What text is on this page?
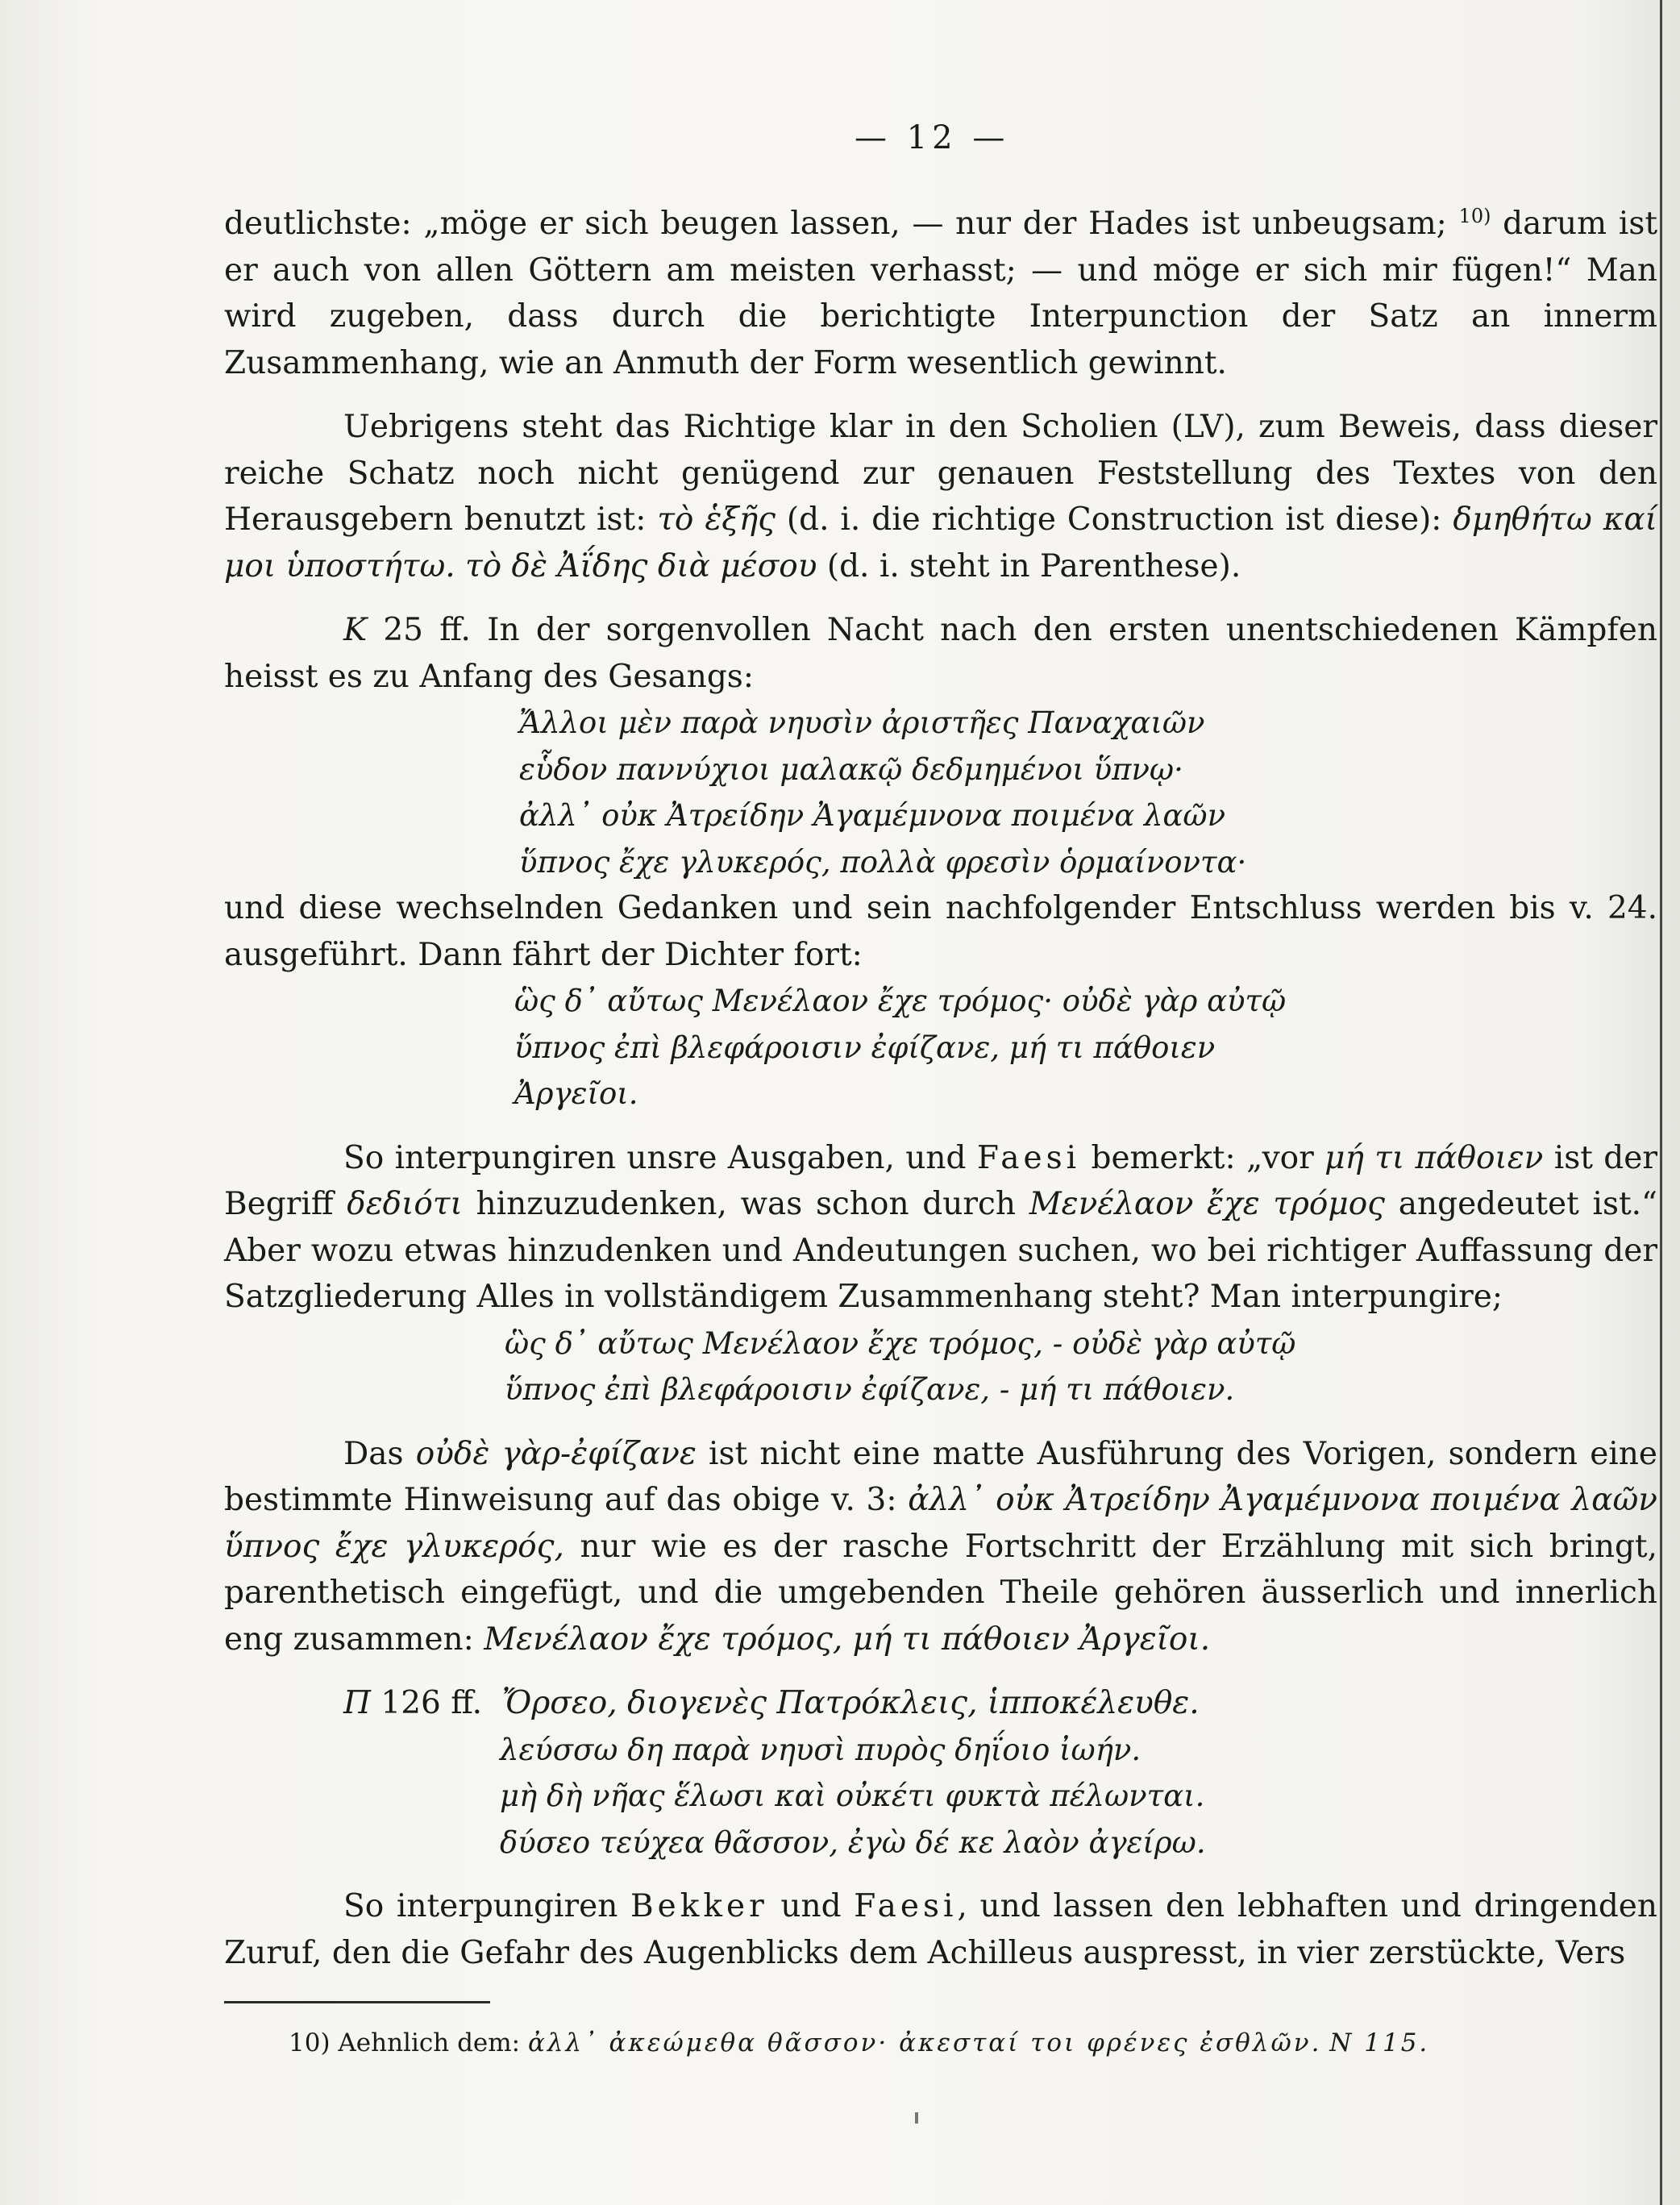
— 12 —

deutlichste: „möge er sich beugen lassen, — nur der Hades ist unbeugsam; $^{10)}$ darum ist er auch von allen Göttern am meisten verhasst; — und möge er sich mir fügen!“ Man wird zugeben, dass durch die berichtigte Interpunction der Satz an innerm Zusammenhang, wie an Anmuth der Form wesentlich gewinnt.

Uebrigens steht das Richtige klar in den Scholien (LV), zum Beweis, dass dieser reiche Schatz noch nicht genügend zur genauen Feststellung des Textes von den Herausgebern benutzt ist: τὸ ἑξῆς (d. i. die richtige Construction ist diese): δμηθήτω καί μοι ὑποστήτω. τὸ δὲ Ἀΐδης διὰ μέσου (d. i. steht in Parenthese).

K 25 ff. In der sorgenvollen Nacht nach den ersten unentschiedenen Kämpfen heisst es zu Anfang des Gesangs:

Ἄλλοι μὲν παρὰ νηυσὶν ἀριστῆες Παναχαιῶν

εὗδον παννύχιοι μαλακῷ δεδμημένοι ὕπνῳ·

ἀλλ᾽ οὐκ Ἀτρείδην Ἀγαμέμνονα ποιμένα λαῶν

ὕπνος ἔχε γλυκερός, πολλὰ φρεσὶν ὁρμαίνοντα·

und diese wechselnden Gedanken und sein nachfolgender Entschluss werden bis v. 24. ausgeführt. Dann fährt der Dichter fort:

ὣς δ᾽ αὔτως Μενέλαον ἔχε τρόμος· οὐδὲ γὰρ αὐτῷ

ὕπνος ἐπὶ βλεφάροισιν ἐφίζανε, μή τι πάθοιεν

Ἀργεῖοι.

So interpungiren unsre Ausgaben, und Faesi bemerkt: „vor μή τι πάθοιεν ist der Begriff δεδιότι hinzuzudenken, was schon durch Μενέλαον ἔχε τρόμος angedeutet ist.“ Aber wozu etwas hinzudenken und Andeutungen suchen, wo bei richtiger Auffassung der Satzgliederung Alles in vollständigem Zusammenhang steht? Man interpungire;

ὣς δ᾽ αὔτως Μενέλαον ἔχε τρόμος, - οὐδὲ γὰρ αὐτῷ

ὕπνος ἐπὶ βλεφάροισιν ἐφίζανε, - μή τι πάθοιεν.

Das οὐδὲ γὰρ-ἐφίζανε ist nicht eine matte Ausführung des Vorigen, sondern eine bestimmte Hinweisung auf das obige v. 3: ἀλλ᾽ οὐκ Ἀτρείδην Ἀγαμέμνονα ποιμένα λαῶν ὕπνος ἔχε γλυκερός, nur wie es der rasche Fortschritt der Erzählung mit sich bringt, parenthetisch eingefügt, und die umgebenden Theile gehören äusserlich und innerlich eng zusammen: Μενέλαον ἔχε τρόμος, μή τι πάθοιεν Ἀργεῖοι.

Π 126 ff. Ὄρσεο, διογενὲς Πατρόκλεις, ἱπποκέλευθε.

λεύσσω δη παρὰ νηυσὶ πυρὸς δηΐοιο ἰωήν.

μὴ δὴ νῆας ἕλωσι καὶ οὐκέτι φυκτὰ πέλωνται.

δύσεο τεύχεα θᾶσσον, ἐγὼ δέ κε λαὸν ἀγείρω.

So interpungiren Bekker und Faesi, und lassen den lebhaften und dringenden Zuruf, den die Gefahr des Augenblicks dem Achilleus auspresst, in vier zerstückte, Vers

10) Aehnlich dem: ἀλλ᾽ ἀκεώμεθα θᾶσσον· ἀκεσταί τοι φρένες ἐσθλῶν. N 115.
